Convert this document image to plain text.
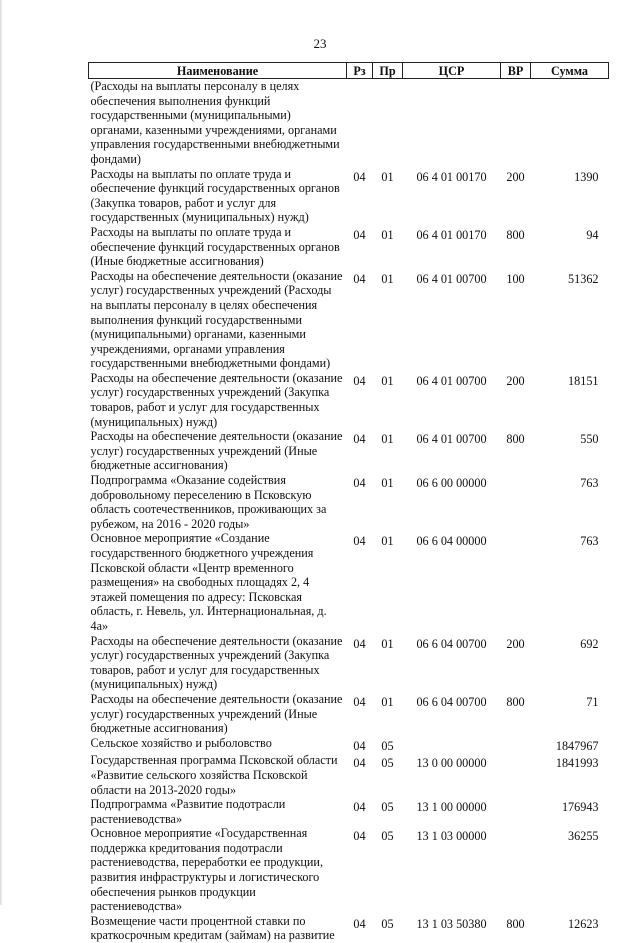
23
Наименование	Рз	Пр	ЦСР	ВР	Сумма
(Расходы на выплаты персоналу в целях обеспечения выполнения функций государственными (муниципальными) органами, казенными учреждениями, органами управления государственными внебюджетными фондами)					
Расходы на выплаты по оплате труда и обеспечение функций государственных органов (Закупка товаров, работ и услуг для государственных (муниципальных) нужд)	04	01	06 4 01 00170	200	1390
Расходы на выплаты по оплате труда и обеспечение функций государственных органов (Иные бюджетные ассигнования)	04	01	06 4 01 00170	800	94
Расходы на обеспечение деятельности (оказание услуг) государственных учреждений (Расходы на выплаты персоналу в целях обеспечения выполнения функций государственными (муниципальными) органами, казенными учреждениями, органами управления государственными внебюджетными фондами)	04	01	06 4 01 00700	100	51362
Расходы на обеспечение деятельности (оказание услуг) государственных учреждений (Закупка товаров, работ и услуг для государственных (муниципальных) нужд)	04	01	06 4 01 00700	200	18151
Расходы на обеспечение деятельности (оказание услуг) государственных учреждений (Иные бюджетные ассигнования)	04	01	06 4 01 00700	800	550
Подпрограмма «Оказание содействия добровольному переселению в Псковскую область соотечественников, проживающих за рубежом, на 2016 - 2020 годы»	04	01	06 6 00 00000		763
Основное мероприятие «Создание государственного бюджетного учреждения Псковской области «Центр временного размещения» на свободных площадях 2, 4 этажей помещения по адресу: Псковская область, г. Невель, ул. Интернациональная, д. 4а»	04	01	06 6 04 00000		763
Расходы на обеспечение деятельности (оказание услуг) государственных учреждений (Закупка товаров, работ и услуг для государственных (муниципальных) нужд)	04	01	06 6 04 00700	200	692
Расходы на обеспечение деятельности (оказание услуг) государственных учреждений (Иные бюджетные ассигнования)	04	01	06 6 04 00700	800	71
Сельское хозяйство и рыболовство	04	05			1847967
Государственная программа Псковской области «Развитие сельского хозяйства Псковской области на 2013-2020 годы»	04	05	13 0 00 00000		1841993
Подпрограмма «Развитие подотрасли растениеводства»	04	05	13 1 00 00000		176943
Основное мероприятие «Государственная поддержка кредитования подотрасли растениеводства, переработки ее продукции, развития инфраструктуры и логистического обеспечения рынков продукции растениеводства»	04	05	13 1 03 00000		36255
Возмещение части процентной ставки по краткосрочным кредитам (займам) на развитие	04	05	13 1 03 50380	800	12623
